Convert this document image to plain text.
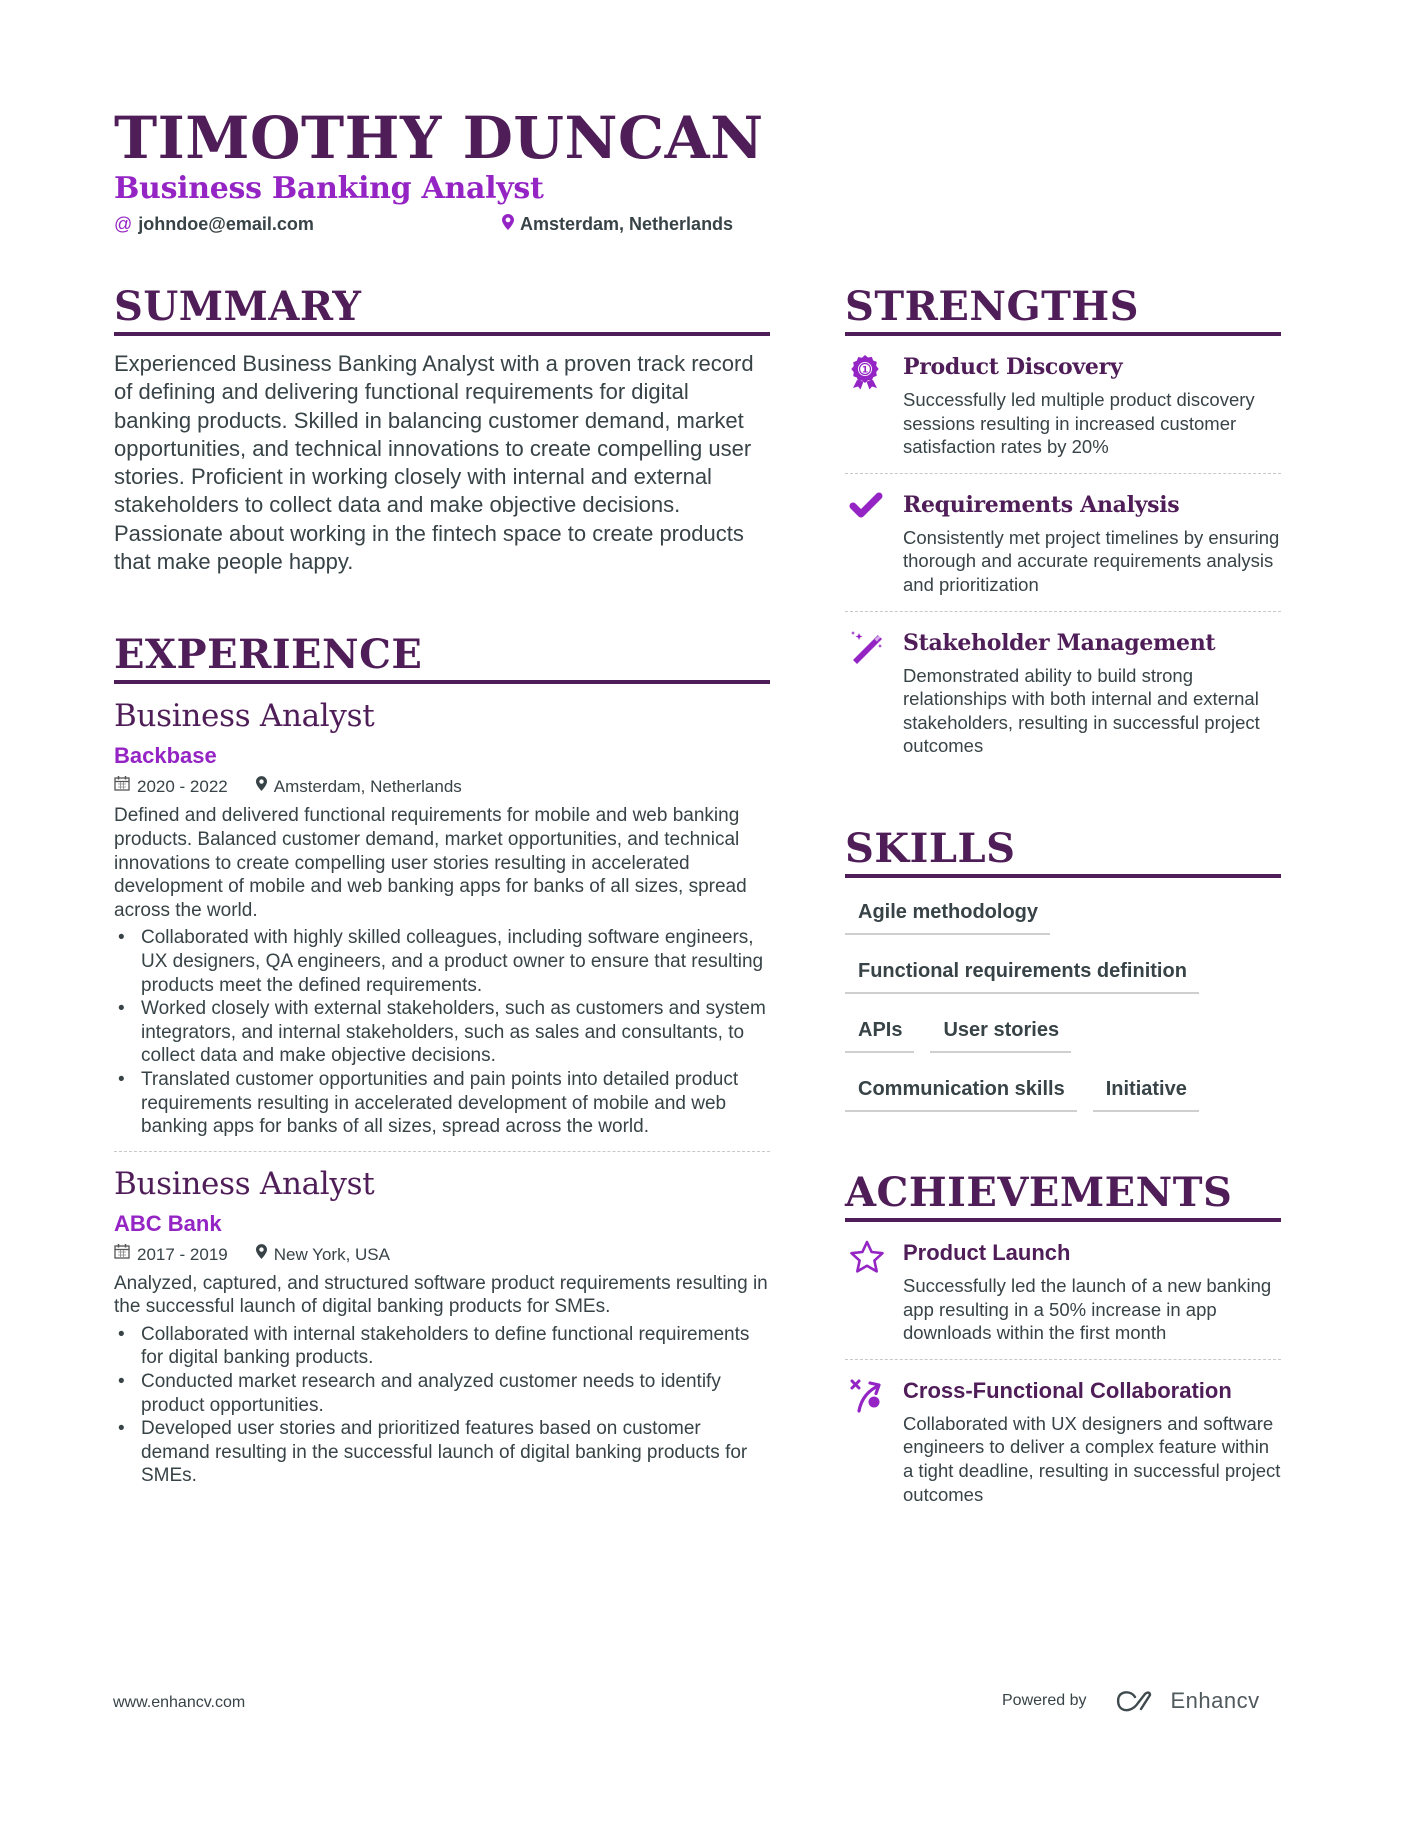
TIMOTHY DUNCAN
Business Banking Analyst
@ johndoe@email.com	Amsterdam, Netherlands
SUMMARY

Experienced Business Banking Analyst with a proven track record of defining and delivering functional requirements for digital banking products. Skilled in balancing customer demand, market opportunities, and technical innovations to create compelling user stories. Proficient in working closely with internal and external stakeholders to collect data and make objective decisions. Passionate about working in the fintech space to create products that make people happy.

EXPERIENCE
Business Analyst
Backbase
2020 - 2022	Amsterdam, Netherlands

Defined and delivered functional requirements for mobile and web banking products. Balanced customer demand, market opportunities, and technical innovations to create compelling user stories resulting in accelerated development of mobile and web banking apps for banks of all sizes, spread across the world.

• Collaborated with highly skilled colleagues, including software engineers, UX designers, QA engineers, and a product owner to ensure that resulting products meet the defined requirements.
• Worked closely with external stakeholders, such as customers and system integrators, and internal stakeholders, such as sales and consultants, to collect data and make objective decisions.
• Translated customer opportunities and pain points into detailed product requirements resulting in accelerated development of mobile and web banking apps for banks of all sizes, spread across the world.
Business Analyst
ABC Bank
2017 - 2019	New York, USA

Analyzed, captured, and structured software product requirements resulting in the successful launch of digital banking products for SMEs.

• Collaborated with internal stakeholders to define functional requirements for digital banking products.
• Conducted market research and analyzed customer needs to identify product opportunities.
• Developed user stories and prioritized features based on customer demand resulting in the successful launch of digital banking products for SMEs.
STRENGTHS
1 Product Discovery

Successfully led multiple product discovery sessions resulting in increased customer satisfaction rates by 20%

Requirements Analysis

Consistently met project timelines by ensuring thorough and accurate requirements analysis and prioritization

Stakeholder Management

Demonstrated ability to build strong relationships with both internal and external stakeholders, resulting in successful project outcomes

SKILLS
Agile methodology
Functional requirements definition
APIs	User stories
Communication skills	Initiative
ACHIEVEMENTS
Product Launch

Successfully led the launch of a new banking app resulting in a 50% increase in app downloads within the first month

Cross-Functional Collaboration

Collaborated with UX designers and software engineers to deliver a complex feature within a tight deadline, resulting in successful project outcomes

www.enhancv.com	Powered by	Enhancv
